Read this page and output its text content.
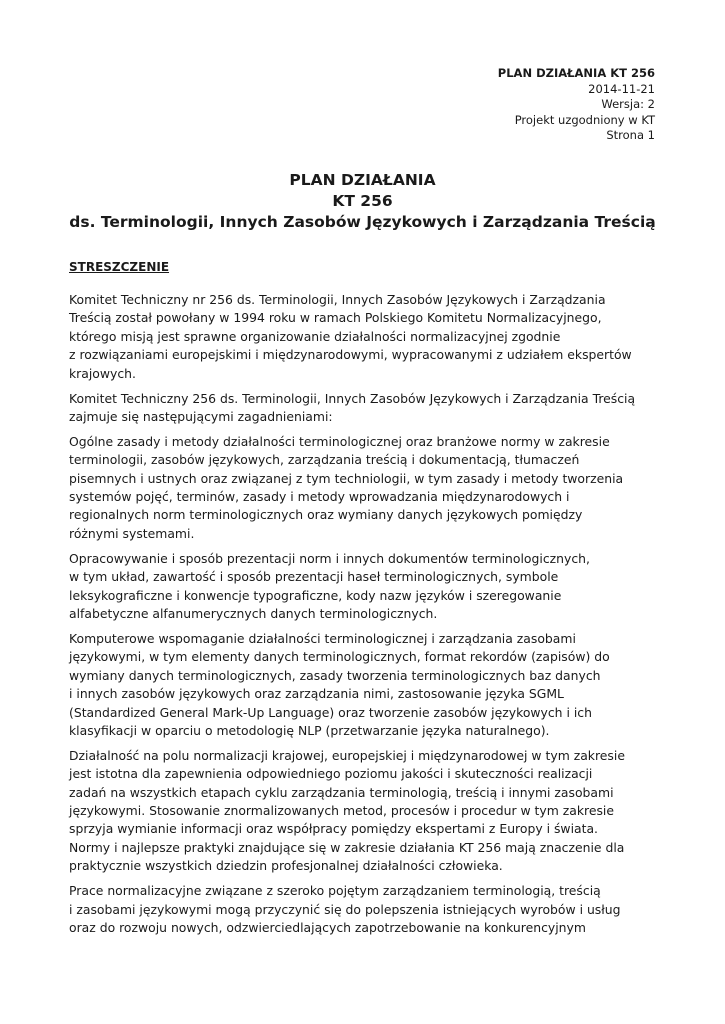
PLAN DZIAŁANIA KT 256
2014-11-21
Wersja: 2
Projekt uzgodniony w KT
Strona 1
PLAN DZIAŁANIA
KT 256
ds. Terminologii, Innych Zasobów Językowych i Zarządzania Treścią
STRESZCZENIE

Komitet Techniczny nr 256 ds. Terminologii, Innych Zasobów Językowych i Zarządzania
Treścią został powołany w 1994 roku w ramach Polskiego Komitetu Normalizacyjnego,
którego misją jest sprawne organizowanie działalności normalizacyjnej zgodnie
z rozwiązaniami europejskimi i międzynarodowymi, wypracowanymi z udziałem ekspertów
krajowych.

Komitet Techniczny 256 ds. Terminologii, Innych Zasobów Językowych i Zarządzania Treścią
zajmuje się następującymi zagadnieniami:

Ogólne zasady i metody działalności terminologicznej oraz branżowe normy w zakresie
terminologii, zasobów językowych, zarządzania treścią i dokumentacją, tłumaczeń
pisemnych i ustnych oraz związanej z tym techniologii, w tym zasady i metody tworzenia
systemów pojęć, terminów, zasady i metody wprowadzania międzynarodowych i
regionalnych norm terminologicznych oraz wymiany danych językowych pomiędzy
różnymi systemami.

Opracowywanie i sposób prezentacji norm i innych dokumentów terminologicznych,
w tym układ, zawartość i sposób prezentacji haseł terminologicznych, symbole
leksykograficzne i konwencje typograficzne, kody nazw języków i szeregowanie
alfabetyczne alfanumerycznych danych terminologicznych.

Komputerowe wspomaganie działalności terminologicznej i zarządzania zasobami
językowymi, w tym elementy danych terminologicznych, format rekordów (zapisów) do
wymiany danych terminologicznych, zasady tworzenia terminologicznych baz danych
i innych zasobów językowych oraz zarządzania nimi, zastosowanie języka SGML
(Standardized General Mark-Up Language) oraz tworzenie zasobów językowych i ich
klasyfikacji w oparciu o metodologię NLP (przetwarzanie języka naturalnego).

Działalność na polu normalizacji krajowej, europejskiej i międzynarodowej w tym zakresie
jest istotna dla zapewnienia odpowiedniego poziomu jakości i skuteczności realizacji
zadań na wszystkich etapach cyklu zarządzania terminologią, treścią i innymi zasobami
językowymi. Stosowanie znormalizowanych metod, procesów i procedur w tym zakresie
sprzyja wymianie informacji oraz współpracy pomiędzy ekspertami z Europy i świata.
Normy i najlepsze praktyki znajdujące się w zakresie działania KT 256 mają znaczenie dla
praktycznie wszystkich dziedzin profesjonalnej działalności człowieka.

Prace normalizacyjne związane z szeroko pojętym zarządzaniem terminologią, treścią
i zasobami językowymi mogą przyczynić się do polepszenia istniejących wyrobów i usług
oraz do rozwoju nowych, odzwierciedlających zapotrzebowanie na konkurencyjnym
